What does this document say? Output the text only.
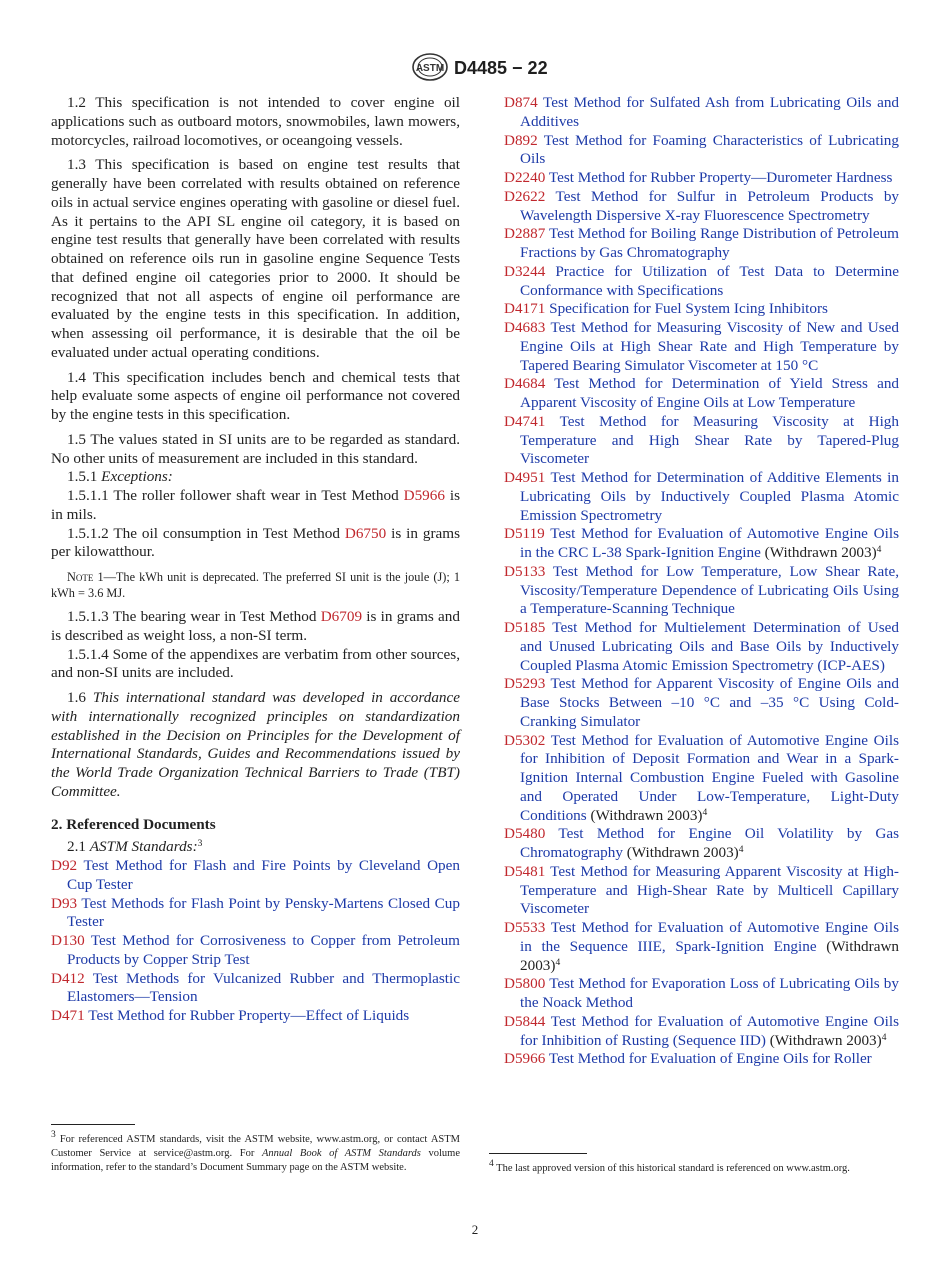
ASTM D4485 − 22

1.2 This specification is not intended to cover engine oil applications such as outboard motors, snowmobiles, lawn mowers, motorcycles, railroad locomotives, or oceangoing vessels.

1.3 This specification is based on engine test results that generally have been correlated with results obtained on reference oils in actual service engines operating with gasoline or diesel fuel. As it pertains to the API SL engine oil category, it is based on engine test results that generally have been correlated with results obtained on reference oils run in gasoline engine Sequence Tests that defined engine oil categories prior to 2000. It should be recognized that not all aspects of engine oil performance are evaluated by the engine tests in this specification. In addition, when assessing oil performance, it is desirable that the oil be evaluated under actual operating conditions.

1.4 This specification includes bench and chemical tests that help evaluate some aspects of engine oil performance not covered by the engine tests in this specification.

1.5 The values stated in SI units are to be regarded as standard. No other units of measurement are included in this standard.

1.5.1 Exceptions:

1.5.1.1 The roller follower shaft wear in Test Method D5966 is in mils.

1.5.1.2 The oil consumption in Test Method D6750 is in grams per kilowatthour.

Note 1—The kWh unit is deprecated. The preferred SI unit is the joule (J); 1 kWh = 3.6 MJ.

1.5.1.3 The bearing wear in Test Method D6709 is in grams and is described as weight loss, a non-SI term.

1.5.1.4 Some of the appendixes are verbatim from other sources, and non-SI units are included.

1.6 This international standard was developed in accordance with internationally recognized principles on standardization established in the Decision on Principles for the Development of International Standards, Guides and Recommendations issued by the World Trade Organization Technical Barriers to Trade (TBT) Committee.

2. Referenced Documents

2.1 ASTM Standards:$^3$

D92 Test Method for Flash and Fire Points by Cleveland Open Cup Tester

D93 Test Methods for Flash Point by Pensky-Martens Closed Cup Tester

D130 Test Method for Corrosiveness to Copper from Petroleum Products by Copper Strip Test

D412 Test Methods for Vulcanized Rubber and Thermoplastic Elastomers—Tension

D471 Test Method for Rubber Property—Effect of Liquids

D874 Test Method for Sulfated Ash from Lubricating Oils and Additives

D892 Test Method for Foaming Characteristics of Lubricating Oils

D2240 Test Method for Rubber Property—Durometer Hardness

D2622 Test Method for Sulfur in Petroleum Products by Wavelength Dispersive X-ray Fluorescence Spectrometry

D2887 Test Method for Boiling Range Distribution of Petroleum Fractions by Gas Chromatography

D3244 Practice for Utilization of Test Data to Determine Conformance with Specifications

D4171 Specification for Fuel System Icing Inhibitors

D4683 Test Method for Measuring Viscosity of New and Used Engine Oils at High Shear Rate and High Temperature by Tapered Bearing Simulator Viscometer at 150 °C

D4684 Test Method for Determination of Yield Stress and Apparent Viscosity of Engine Oils at Low Temperature

D4741 Test Method for Measuring Viscosity at High Temperature and High Shear Rate by Tapered-Plug Viscometer

D4951 Test Method for Determination of Additive Elements in Lubricating Oils by Inductively Coupled Plasma Atomic Emission Spectrometry

D5119 Test Method for Evaluation of Automotive Engine Oils in the CRC L-38 Spark-Ignition Engine (Withdrawn 2003)$^4$

D5133 Test Method for Low Temperature, Low Shear Rate, Viscosity/Temperature Dependence of Lubricating Oils Using a Temperature-Scanning Technique

D5185 Test Method for Multielement Determination of Used and Unused Lubricating Oils and Base Oils by Inductively Coupled Plasma Atomic Emission Spectrometry (ICP-AES)

D5293 Test Method for Apparent Viscosity of Engine Oils and Base Stocks Between –10 °C and –35 °C Using Cold-Cranking Simulator

D5302 Test Method for Evaluation of Automotive Engine Oils for Inhibition of Deposit Formation and Wear in a Spark-Ignition Internal Combustion Engine Fueled with Gasoline and Operated Under Low-Temperature, Light-Duty Conditions (Withdrawn 2003)$^4$

D5480 Test Method for Engine Oil Volatility by Gas Chromatography (Withdrawn 2003)$^4$

D5481 Test Method for Measuring Apparent Viscosity at High-Temperature and High-Shear Rate by Multicell Capillary Viscometer

D5533 Test Method for Evaluation of Automotive Engine Oils in the Sequence IIIE, Spark-Ignition Engine (Withdrawn 2003)$^4$

D5800 Test Method for Evaporation Loss of Lubricating Oils by the Noack Method

D5844 Test Method for Evaluation of Automotive Engine Oils for Inhibition of Rusting (Sequence IID) (Withdrawn 2003)$^4$

D5966 Test Method for Evaluation of Engine Oils for Roller

$^3$ For referenced ASTM standards, visit the ASTM website, www.astm.org, or contact ASTM Customer Service at service@astm.org. For Annual Book of ASTM Standards volume information, refer to the standard’s Document Summary page on the ASTM website.	$^4$ The last approved version of this historical standard is referenced on www.astm.org.
2
